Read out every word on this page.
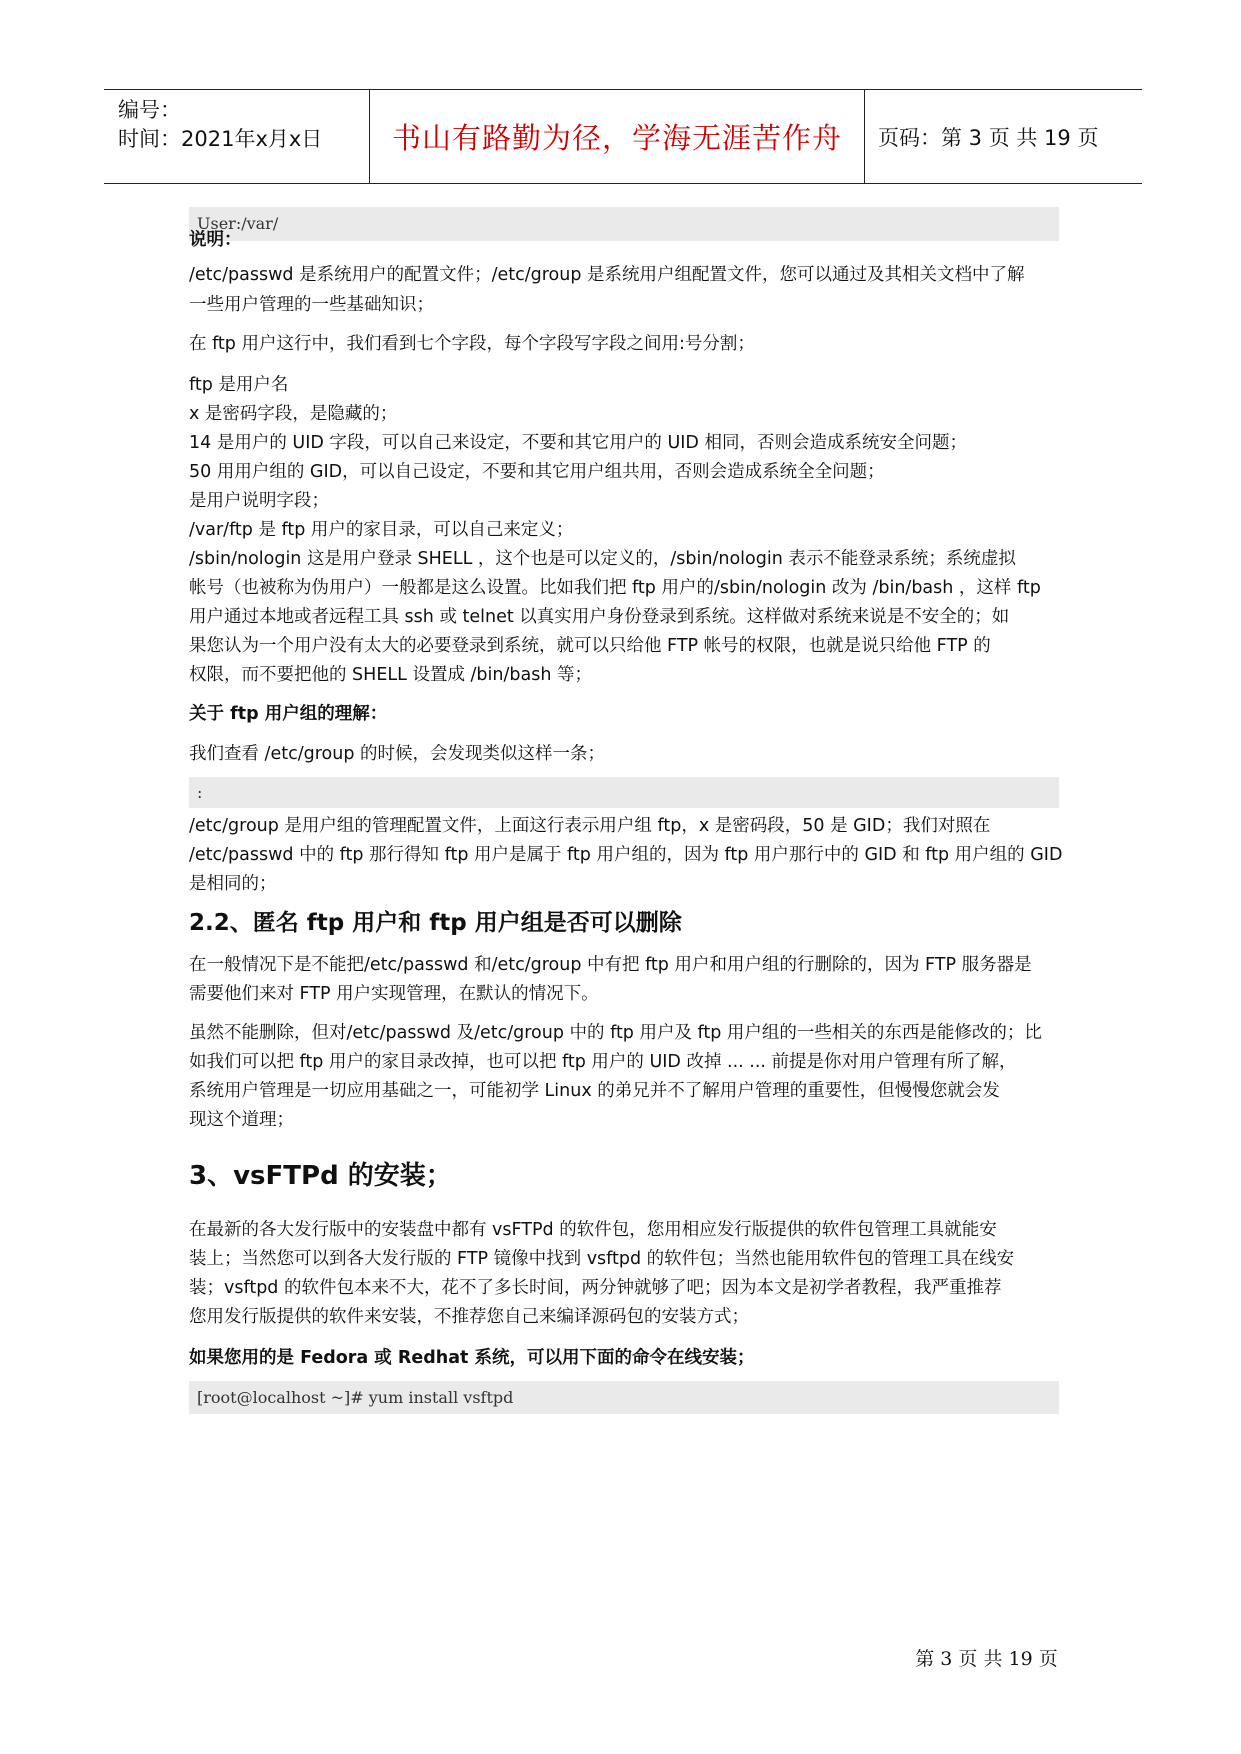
编号：
时间：2021年x月x日 书山有路勤为径，学海无涯苦作舟 页码：第 3 页 共 19 页
User:/var/
说明：
/etc/passwd 是系统用户的配置文件；/etc/group 是系统用户组配置文件，您可以通过及其相关文档中了解
一些用户管理的一些基础知识；
在 ftp 用户这行中，我们看到七个字段，每个字段写字段之间用:号分割；
ftp 是用户名
x 是密码字段，是隐藏的；
14 是用户的 UID 字段，可以自己来设定，不要和其它用户的 UID 相同，否则会造成系统安全问题；
50 用用户组的 GID，可以自己设定，不要和其它用户组共用，否则会造成系统全全问题；
是用户说明字段；
/var/ftp 是 ftp 用户的家目录，可以自己来定义；
/sbin/nologin 这是用户登录 SHELL ，这个也是可以定义的，/sbin/nologin 表示不能登录系统；系统虚拟
帐号（也被称为伪用户）一般都是这么设置。比如我们把 ftp 用户的/sbin/nologin 改为 /bin/bash ，这样 ftp
用户通过本地或者远程工具 ssh 或 telnet 以真实用户身份登录到系统。这样做对系统来说是不安全的；如
果您认为一个用户没有太大的必要登录到系统，就可以只给他 FTP 帐号的权限，也就是说只给他 FTP 的
权限，而不要把他的 SHELL 设置成 /bin/bash 等；
关于 ftp 用户组的理解：
我们查看 /etc/group 的时候，会发现类似这样一条；
:
/etc/group 是用户组的管理配置文件，上面这行表示用户组 ftp，x 是密码段，50 是 GID；我们对照在
/etc/passwd 中的 ftp 那行得知 ftp 用户是属于 ftp 用户组的，因为 ftp 用户那行中的 GID 和 ftp 用户组的 GID
是相同的；
2.2、匿名 ftp 用户和 ftp 用户组是否可以删除
在一般情况下是不能把/etc/passwd 和/etc/group 中有把 ftp 用户和用户组的行删除的，因为 FTP 服务器是
需要他们来对 FTP 用户实现管理，在默认的情况下。
虽然不能删除，但对/etc/passwd 及/etc/group 中的 ftp 用户及 ftp 用户组的一些相关的东西是能修改的；比
如我们可以把 ftp 用户的家目录改掉，也可以把 ftp 用户的 UID 改掉 ... ... 前提是你对用户管理有所了解，
系统用户管理是一切应用基础之一，可能初学 Linux 的弟兄并不了解用户管理的重要性，但慢慢您就会发
现这个道理；
3、vsFTPd 的安装；
在最新的各大发行版中的安装盘中都有 vsFTPd 的软件包，您用相应发行版提供的软件包管理工具就能安
装上；当然您可以到各大发行版的 FTP 镜像中找到 vsftpd 的软件包；当然也能用软件包的管理工具在线安
装；vsftpd 的软件包本来不大，花不了多长时间，两分钟就够了吧；因为本文是初学者教程，我严重推荐
您用发行版提供的软件来安装，不推荐您自己来编译源码包的安装方式；
如果您用的是 Fedora 或 Redhat 系统，可以用下面的命令在线安装；
[root@localhost ~]# yum install vsftpd
第 3 页 共 19 页
